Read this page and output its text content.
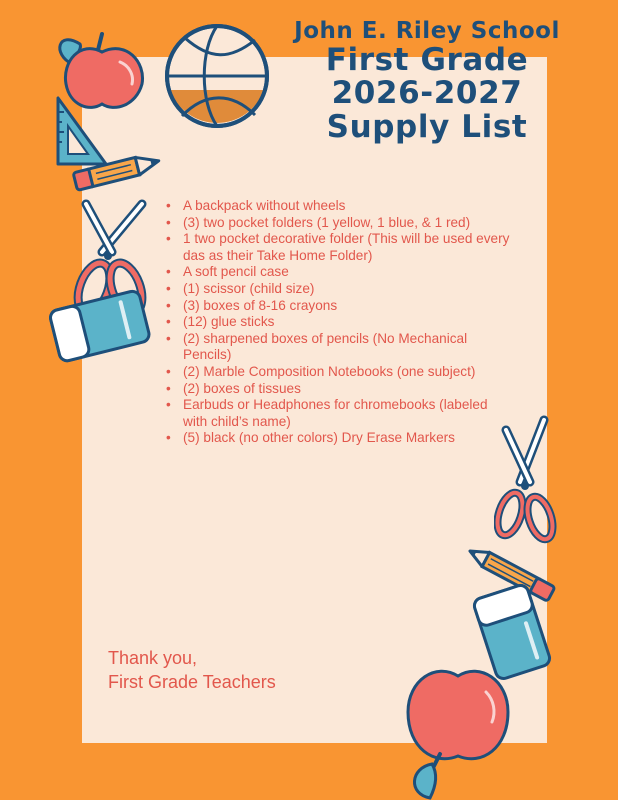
John E. Riley School
First Grade
2026-2027
Supply List
• A backpack without wheels
• (3) two pocket folders (1 yellow, 1 blue, & 1 red)
• 1 two pocket decorative folder (This will be used every das as their Take Home Folder)
• A soft pencil case
• (1) scissor (child size)
• (3) boxes of 8-16 crayons
• (12) glue sticks
• (2) sharpened boxes of pencils (No Mechanical Pencils)
• (2) Marble Composition Notebooks (one subject)
• (2) boxes of tissues
• Earbuds or Headphones for chromebooks (labeled with child’s name)
• (5) black (no other colors) Dry Erase Markers
Thank you,
First Grade Teachers
